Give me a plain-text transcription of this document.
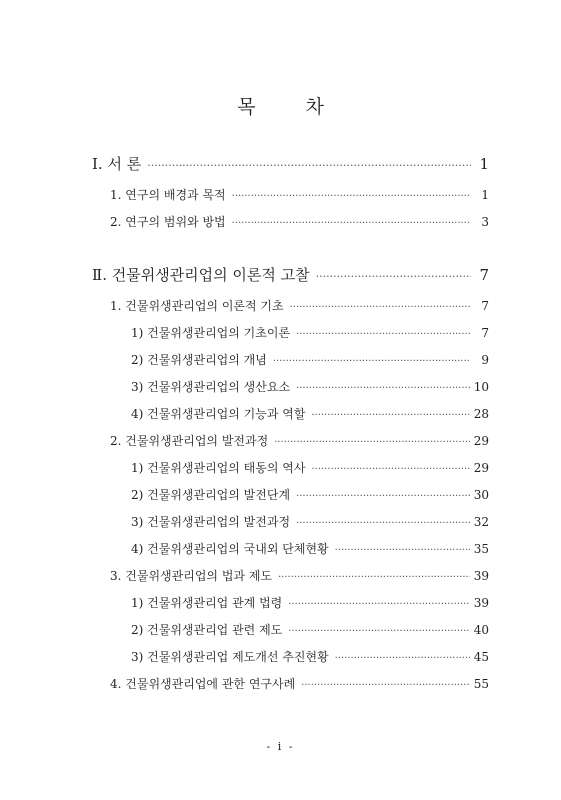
목 차
Ⅰ. 서 론 ·····	1
1. 연구의 배경과 목적 ·····	1
2. 연구의 범위와 방법 ·····	3
Ⅱ. 건물위생관리업의 이론적 고찰 ·····	7
1. 건물위생관리업의 이론적 기초 ·····	7
1) 건물위생관리업의 기초이론 ·····	7
2) 건물위생관리업의 개념 ·····	9
3) 건물위생관리업의 생산요소 ·····	10
4) 건물위생관리업의 기능과 역할 ·····	28
2. 건물위생관리업의 발전과정 ·····	29
1) 건물위생관리업의 태동의 역사 ·····	29
2) 건물위생관리업의 발전단계 ·····	30
3) 건물위생관리업의 발전과정 ·····	32
4) 건물위생관리업의 국내외 단체현황 ·····	35
3. 건물위생관리업의 법과 제도 ·····	39
1) 건물위생관리업 관계 법령 ·····	39
2) 건물위생관리업 관련 제도 ·····	40
3) 건물위생관리업 제도개선 추진현황 ·····	45
4. 건물위생관리업에 관한 연구사례 ·····	55
- i -
